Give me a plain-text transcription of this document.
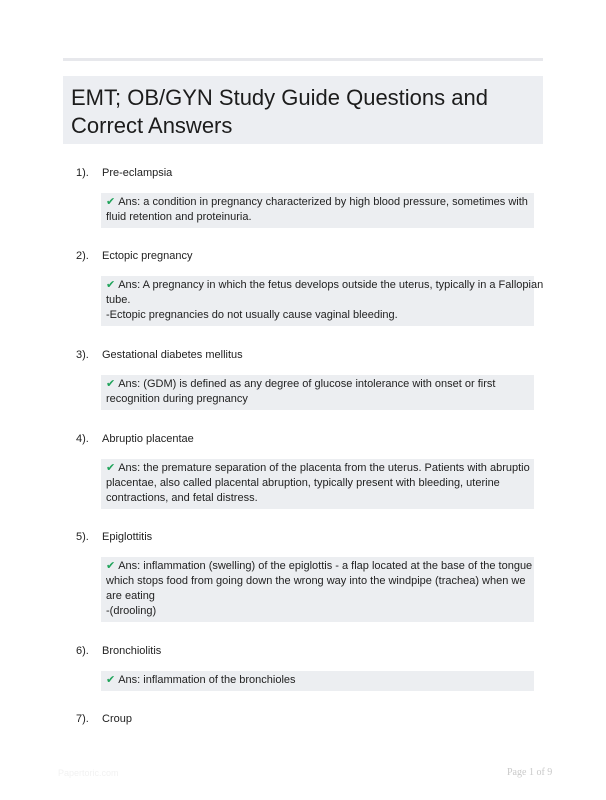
EMT; OB/GYN Study Guide Questions and
Correct Answers
1). Pre-eclampsia
✔ Ans: a condition in pregnancy characterized by high blood pressure, sometimes with
fluid retention and proteinuria.
2). Ectopic pregnancy
✔ Ans: A pregnancy in which the fetus develops outside the uterus, typically in a Fallopian
tube.
-Ectopic pregnancies do not usually cause vaginal bleeding.
3). Gestational diabetes mellitus
✔ Ans: (GDM) is defined as any degree of glucose intolerance with onset or first
recognition during pregnancy
4). Abruptio placentae
✔ Ans: the premature separation of the placenta from the uterus. Patients with abruptio
placentae, also called placental abruption, typically present with bleeding, uterine
contractions, and fetal distress.
5). Epiglottitis
✔ Ans: inflammation (swelling) of the epiglottis - a flap located at the base of the tongue
which stops food from going down the wrong way into the windpipe (trachea) when we
are eating
-(drooling)
6). Bronchiolitis
✔ Ans: inflammation of the bronchioles
7). Croup
Papertoric.com	Page 1 of 9
